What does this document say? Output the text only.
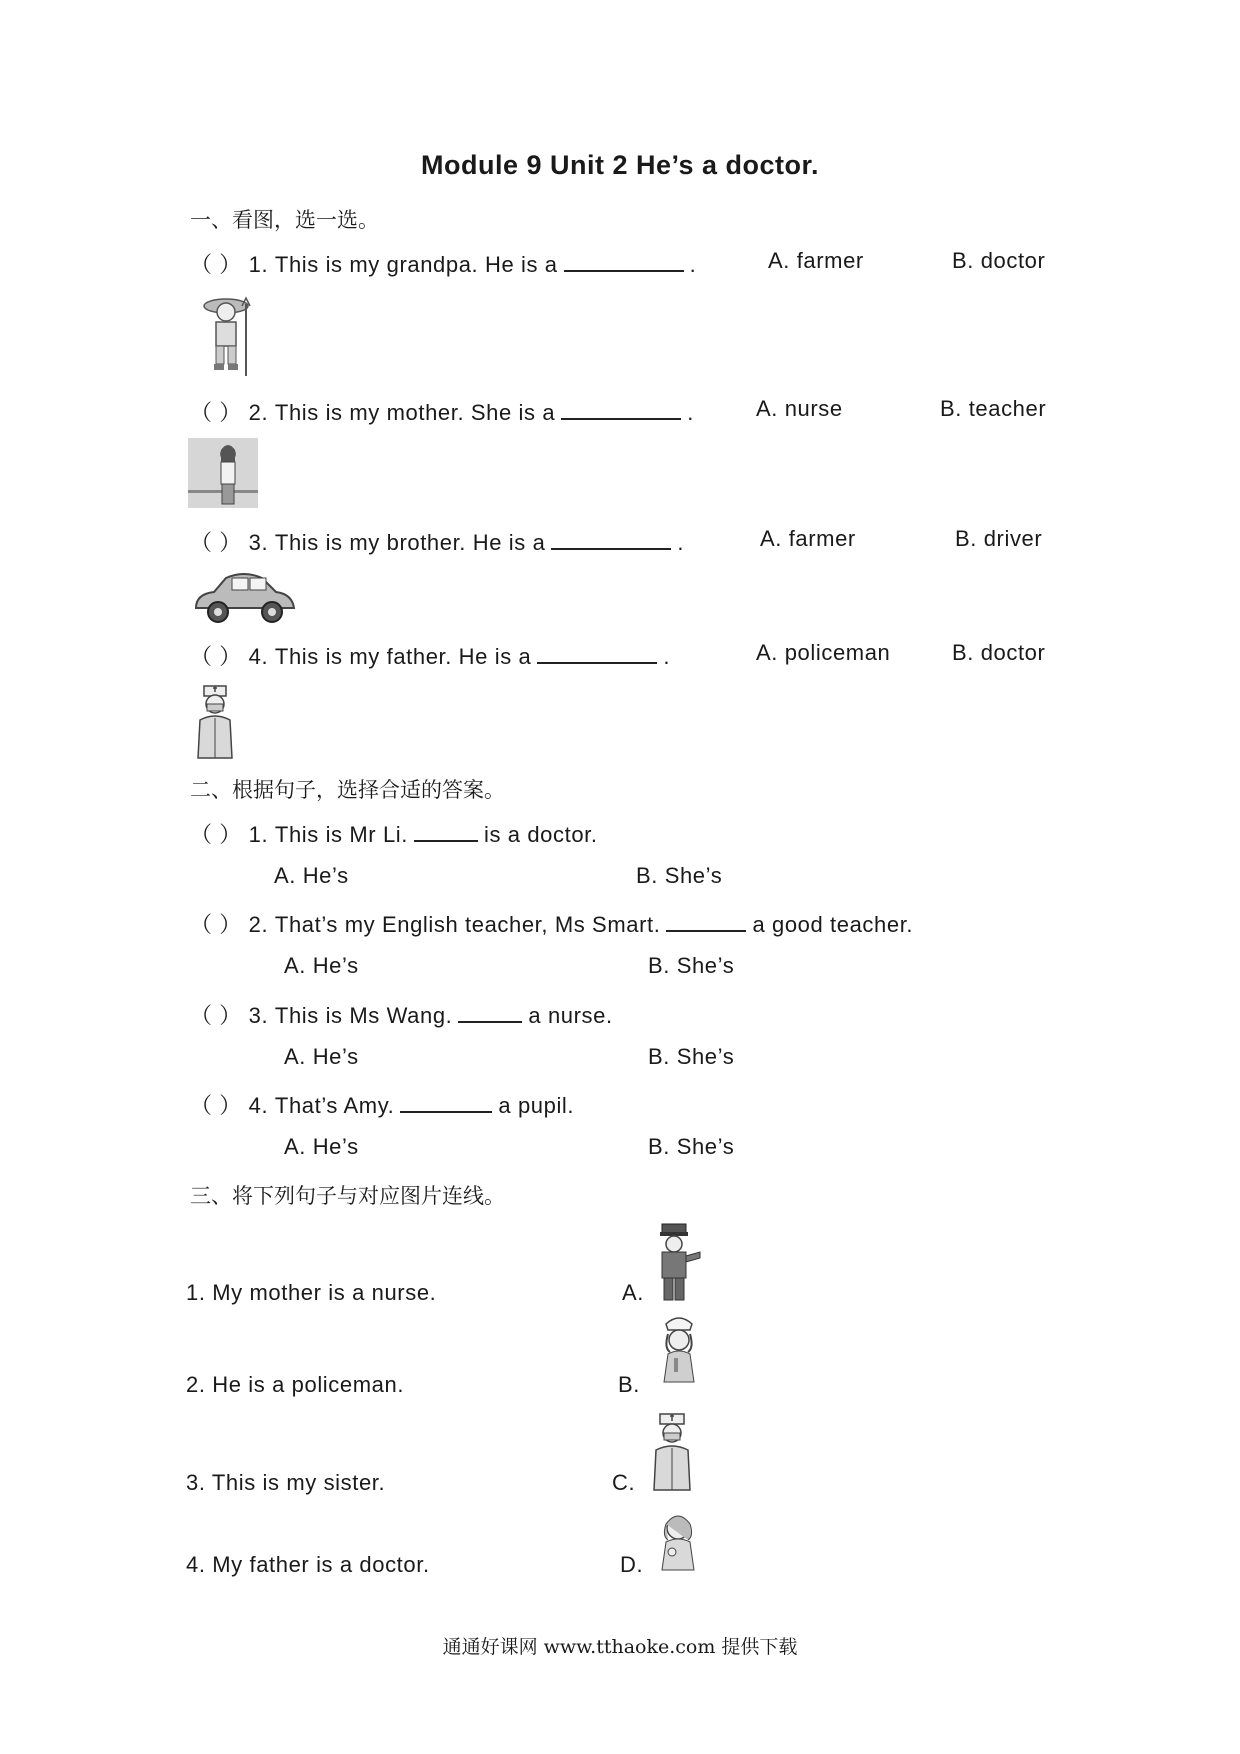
Module 9 Unit 2 He’s a doctor.
一、看图，选一选。
（ ） 1. This is my grandpa. He is a	.	A. farmer	B. doctor
（ ） 2. This is my mother. She is a	.	A. nurse	B. teacher
（ ） 3. This is my brother. He is a	.	A. farmer	B. driver
（ ） 4. This is my father. He is a	.	A. policeman	B. doctor
二、根据句子，选择合适的答案。
（ ） 1. This is Mr Li.	is a doctor.
A. He’s	B. She’s
（ ） 2. That’s my English teacher, Ms Smart.	a good teacher.
A. He’s	B. She’s
（ ） 3. This is Ms Wang.	a nurse.
A. He’s	B. She’s
（ ） 4. That’s Amy.	a pupil.
A. He’s	B. She’s
三、将下列句子与对应图片连线。
1. My mother is a nurse.
2. He is a policeman.
3. This is my sister.
4. My father is a doctor.
A.
B.
C.
D.
通通好课网 www.tthaoke.com 提供下载
